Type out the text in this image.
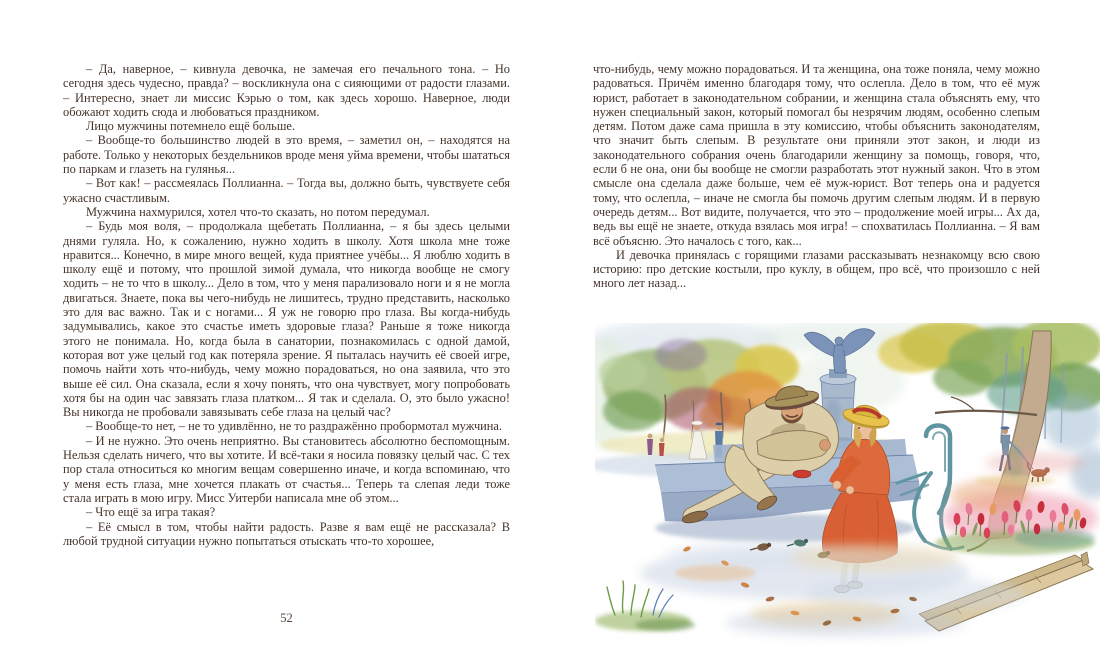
– Да, наверное, – кивнула девочка, не замечая его печального тона. – Но сегодня здесь чудесно, правда? – воскликнула она с сияющими от радости глазами. – Интересно, знает ли миссис Кэрью о том, как здесь хорошо. Наверное, люди обожают ходить сюда и любоваться праздником.

Лицо мужчины потемнело ещё больше.

– Вообще-то большинство людей в это время, – заметил он, – находятся на работе. Только у некоторых бездельников вроде меня уйма времени, чтобы шататься по паркам и глазеть на гулянья...

– Вот как! – рассмеялась Поллианна. – Тогда вы, должно быть, чувствуете себя ужасно счастливым.

Мужчина нахмурился, хотел что-то сказать, но потом передумал.

– Будь моя воля, – продолжала щебетать Поллианна, – я бы здесь целыми днями гуляла. Но, к сожалению, нужно ходить в школу. Хотя школа мне тоже нравится... Конечно, в мире много вещей, куда приятнее учёбы... Я люблю ходить в школу ещё и потому, что прошлой зимой думала, что никогда вообще не смогу ходить – не то что в школу... Дело в том, что у меня парализовало ноги и я не могла двигаться. Знаете, пока вы чего-нибудь не лишитесь, трудно представить, насколько это для вас важно. Так и с ногами... Я уж не говорю про глаза. Вы когда-нибудь задумывались, какое это счастье иметь здоровые глаза? Раньше я тоже никогда этого не понимала. Но, когда была в санатории, познакомилась с одной дамой, которая вот уже целый год как потеряла зрение. Я пыталась научить её своей игре, помочь найти хоть что-нибудь, чему можно порадоваться, но она заявила, что это выше её сил. Она сказала, если я хочу понять, что она чувствует, могу попробовать хотя бы на один час завязать глаза платком... Я так и сделала. О, это было ужасно! Вы никогда не пробовали завязывать себе глаза на целый час?

– Вообще-то нет, – не то удивлённо, не то раздражённо пробормотал мужчина.

– И не нужно. Это очень неприятно. Вы становитесь абсолютно беспомощным. Нельзя сделать ничего, что вы хотите. И всё-таки я носила повязку целый час. С тех пор стала относиться ко многим вещам совершенно иначе, и когда вспоминаю, что у меня есть глаза, мне хочется плакать от счастья... Теперь та слепая леди тоже стала играть в мою игру. Мисс Уитерби написала мне об этом...

– Что ещё за игра такая?

– Её смысл в том, чтобы найти радость. Разве я вам ещё не рассказала? В любой трудной ситуации нужно попытаться отыскать что-то хорошее,

52

что-нибудь, чему можно порадоваться. И та женщина, она тоже поняла, чему можно радоваться. Причём именно благодаря тому, что ослепла. Дело в том, что её муж юрист, работает в законодательном собрании, и женщина стала объяснять ему, что нужен специальный закон, который помогал бы незрячим людям, особенно слепым детям. Потом даже сама пришла в эту комиссию, чтобы объяснить законодателям, что значит быть слепым. В результате они приняли этот закон, и люди из законодательного собрания очень благодарили женщину за помощь, говоря, что, если б не она, они бы вообще не смогли разработать этот нужный закон. Что в этом смысле она сделала даже больше, чем её муж-юрист. Вот теперь она и радуется тому, что ослепла, – иначе не смогла бы помочь другим слепым людям. И в первую очередь детям... Вот видите, получается, что это – продолжение моей игры... Ах да, ведь вы ещё не знаете, откуда взялась моя игра! – спохватилась Поллианна. – Я вам всё объясню. Это началось с того, как...

И девочка принялась с горящими глазами рассказывать незнакомцу всю свою историю: про детские костыли, про куклу, в общем, про всё, что произошло с ней много лет назад...
